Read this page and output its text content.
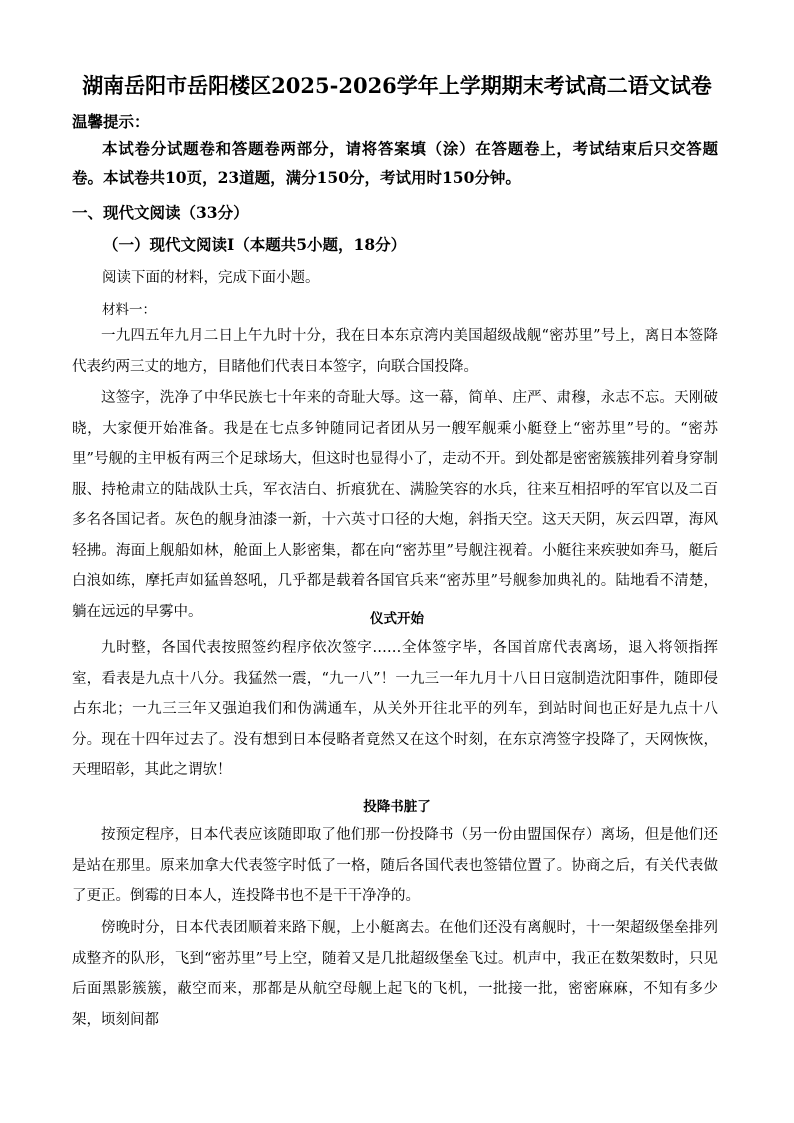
湖南岳阳市岳阳楼区2025-2026学年上学期期末考试高二语文试卷
温馨提示：

本试卷分试题卷和答题卷两部分，请将答案填（涂）在答题卷上，考试结束后只交答题卷。本试卷共10页，23道题，满分150分，考试用时150分钟。

一、现代文阅读（33分）
（一）现代文阅读Ⅰ（本题共5小题，18分）
阅读下面的材料，完成下面小题。
材料一：

一九四五年九月二日上午九时十分，我在日本东京湾内美国超级战舰“密苏里”号上，离日本签降代表约两三丈的地方，目睹他们代表日本签字，向联合国投降。

这签字，洗净了中华民族七十年来的奇耻大辱。这一幕，简单、庄严、肃穆，永志不忘。天刚破晓，大家便开始准备。我是在七点多钟随同记者团从另一艘军舰乘小艇登上“密苏里”号的。“密苏里”号舰的主甲板有两三个足球场大，但这时也显得小了，走动不开。到处都是密密簇簇排列着身穿制服、持枪肃立的陆战队士兵，军衣洁白、折痕犹在、满脸笑容的水兵，往来互相招呼的军官以及二百多名各国记者。灰色的舰身油漆一新，十六英寸口径的大炮，斜指天空。这天天阴，灰云四罩，海风轻拂。海面上舰船如林，舱面上人影密集，都在向“密苏里”号舰注视着。小艇往来疾驶如奔马，艇后白浪如练，摩托声如猛兽怒吼，几乎都是载着各国官兵来“密苏里”号舰参加典礼的。陆地看不清楚，躺在远远的早雾中。	仪式开始

九时整，各国代表按照签约程序依次签字……全体签字毕，各国首席代表离场，退入将领指挥室，看表是九点十八分。我猛然一震，“九一八”！一九三一年九月十八日日寇制造沈阳事件，随即侵占东北；一九三三年又强迫我们和伪满通车，从关外开往北平的列车，到站时间也正好是九点十八分。现在十四年过去了。没有想到日本侵略者竟然又在这个时刻，在东京湾签字投降了，天网恢恢，天理昭彰，其此之谓欤！

投降书脏了

按预定程序，日本代表应该随即取了他们那一份投降书（另一份由盟国保存）离场，但是他们还是站在那里。原来加拿大代表签字时低了一格，随后各国代表也签错位置了。协商之后，有关代表做了更正。倒霉的日本人，连投降书也不是干干净净的。

傍晚时分，日本代表团顺着来路下舰，上小艇离去。在他们还没有离舰时，十一架超级堡垒排列成整齐的队形，飞到“密苏里”号上空，随着又是几批超级堡垒飞过。机声中，我正在数架数时，只见后面黑影簇簇，蔽空而来，那都是从航空母舰上起飞的飞机，一批接一批，密密麻麻，不知有多少架，顷刻间都
